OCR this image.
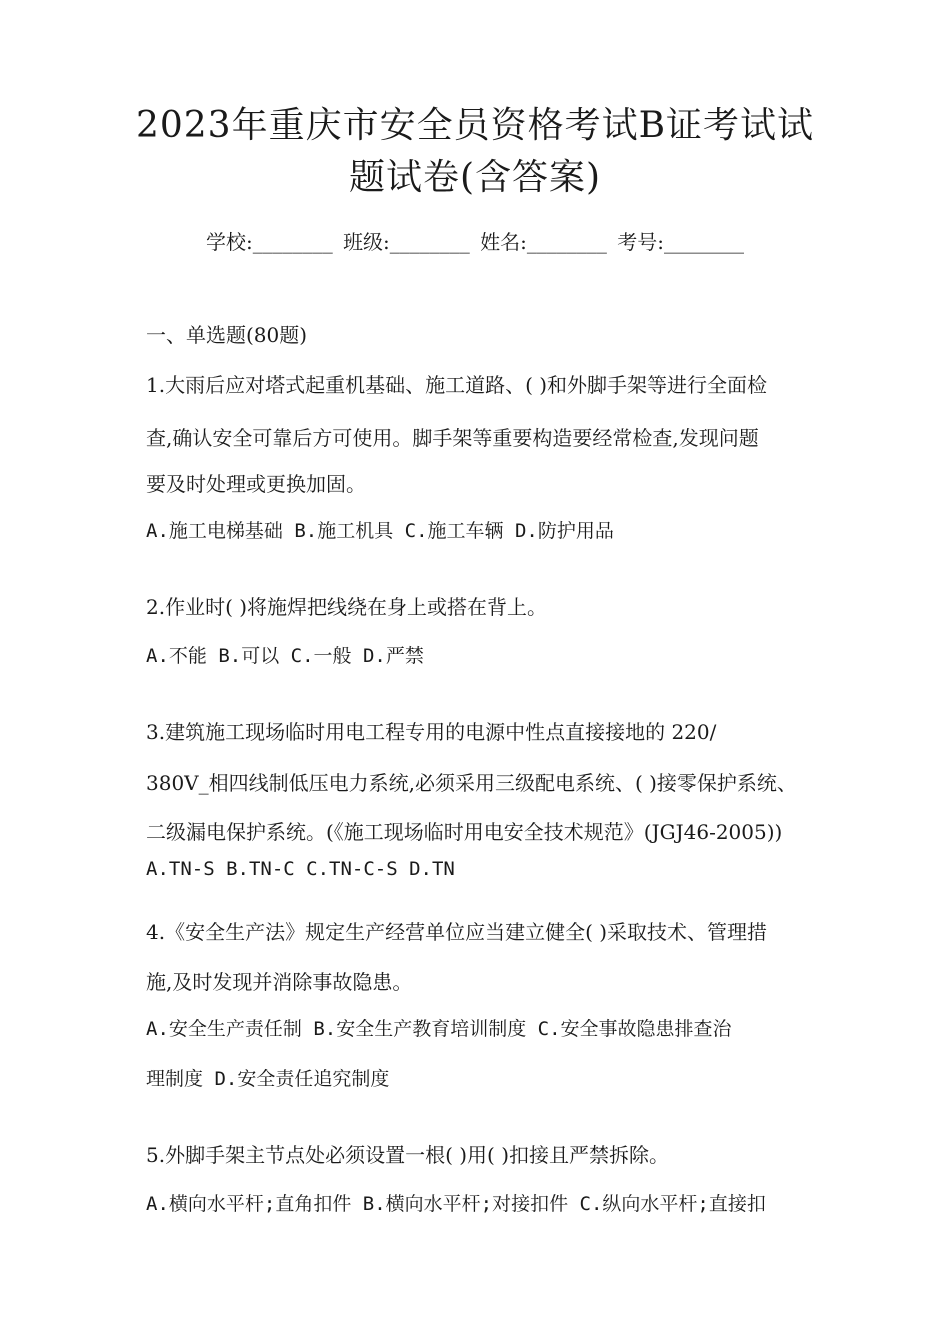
2023年重庆市安全员资格考试B证考试试
题试卷(含答案)
学校:________ 班级:________ 姓名:________ 考号:________
一、单选题(80题)
1.大雨后应对塔式起重机基础、施工道路、( )和外脚手架等进行全面检
查,确认安全可靠后方可使用。脚手架等重要构造要经常检查,发现问题
要及时处理或更换加固。
A.施工电梯基础 B.施工机具 C.施工车辆 D.防护用品
2.作业时( )将施焊把线绕在身上或搭在背上。
A.不能 B.可以 C.一般 D.严禁
3.建筑施工现场临时用电工程专用的电源中性点直接接地的 220/
380V_相四线制低压电力系统,必须采用三级配电系统、( )接零保护系统、
二级漏电保护系统。(《施工现场临时用电安全技术规范》(JGJ46-2005))
A.TN-S B.TN-C C.TN-C-S D.TN
4.《安全生产法》规定生产经营单位应当建立健全( )采取技术、管理措
施,及时发现并消除事故隐患。
A.安全生产责任制 B.安全生产教育培训制度 C.安全事故隐患排查治
理制度 D.安全责任追究制度
5.外脚手架主节点处必须设置一根( )用( )扣接且严禁拆除。
A.横向水平杆;直角扣件 B.横向水平杆;对接扣件 C.纵向水平杆;直接扣
